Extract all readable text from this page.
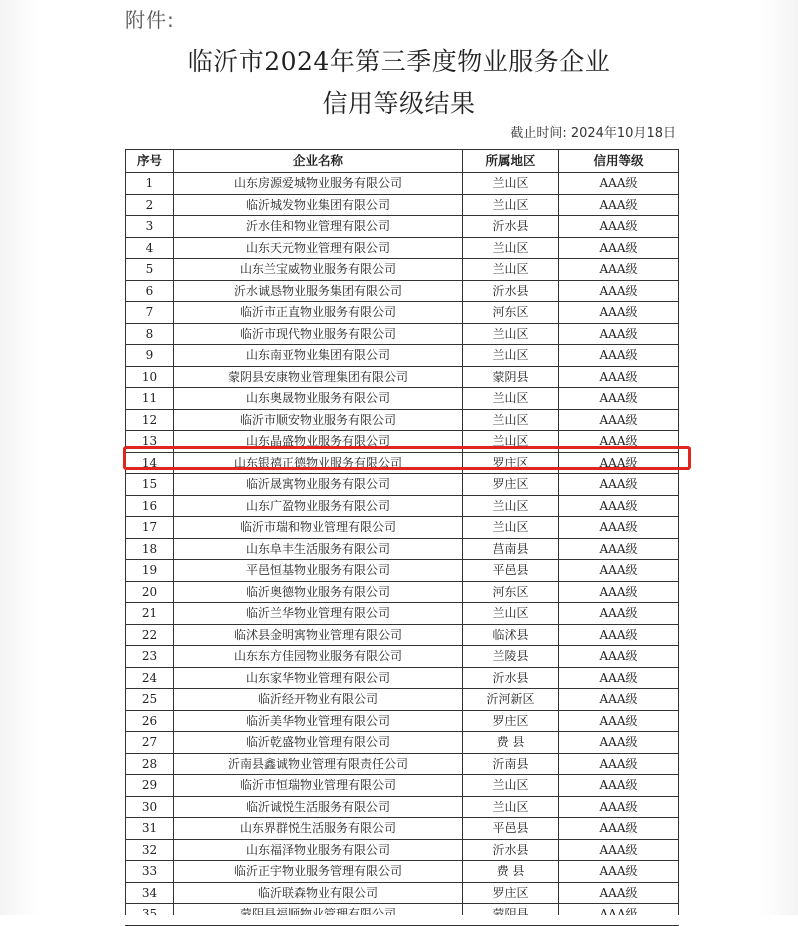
附件:
临沂市2024年第三季度物业服务企业
信用等级结果
截止时间: 2024年10月18日
序号	企业名称	所属地区	信用等级
1	山东房源爱城物业服务有限公司	兰山区	AAA级
2	临沂城发物业集团有限公司	兰山区	AAA级
3	沂水佳和物业管理有限公司	沂水县	AAA级
4	山东天元物业管理有限公司	兰山区	AAA级
5	山东兰宝威物业服务有限公司	兰山区	AAA级
6	沂水诚恳物业服务集团有限公司	沂水县	AAA级
7	临沂市正直物业服务有限公司	河东区	AAA级
8	临沂市现代物业服务有限公司	兰山区	AAA级
9	山东南亚物业集团有限公司	兰山区	AAA级
10	蒙阴县安康物业管理集团有限公司	蒙阴县	AAA级
11	山东奥晟物业服务有限公司	兰山区	AAA级
12	临沂市顺安物业服务有限公司	兰山区	AAA级
13	山东晶盛物业服务有限公司	兰山区	AAA级
14	山东银禧正德物业服务有限公司	罗庄区	AAA级
15	临沂晟寓物业服务有限公司	罗庄区	AAA级
16	山东广盈物业服务有限公司	兰山区	AAA级
17	临沂市瑞和物业管理有限公司	兰山区	AAA级
18	山东阜丰生活服务有限公司	莒南县	AAA级
19	平邑恒基物业服务有限公司	平邑县	AAA级
20	临沂奥德物业服务有限公司	河东区	AAA级
21	临沂兰华物业管理有限公司	兰山区	AAA级
22	临沭县金明寓物业管理有限公司	临沭县	AAA级
23	山东东方佳园物业服务有限公司	兰陵县	AAA级
24	山东家华物业管理有限公司	沂水县	AAA级
25	临沂经开物业有限公司	沂河新区	AAA级
26	临沂美华物业管理有限公司	罗庄区	AAA级
27	临沂乾盛物业管理有限公司	费 县	AAA级
28	沂南县鑫诚物业管理有限责任公司	沂南县	AAA级
29	临沂市恒瑞物业管理有限公司	兰山区	AAA级
30	临沂诚悦生活服务有限公司	兰山区	AAA级
31	山东界群悦生活服务有限公司	平邑县	AAA级
32	山东福泽物业服务有限公司	沂水县	AAA级
33	临沂正宇物业服务管理有限公司	费 县	AAA级
34	临沂联森物业有限公司	罗庄区	AAA级
